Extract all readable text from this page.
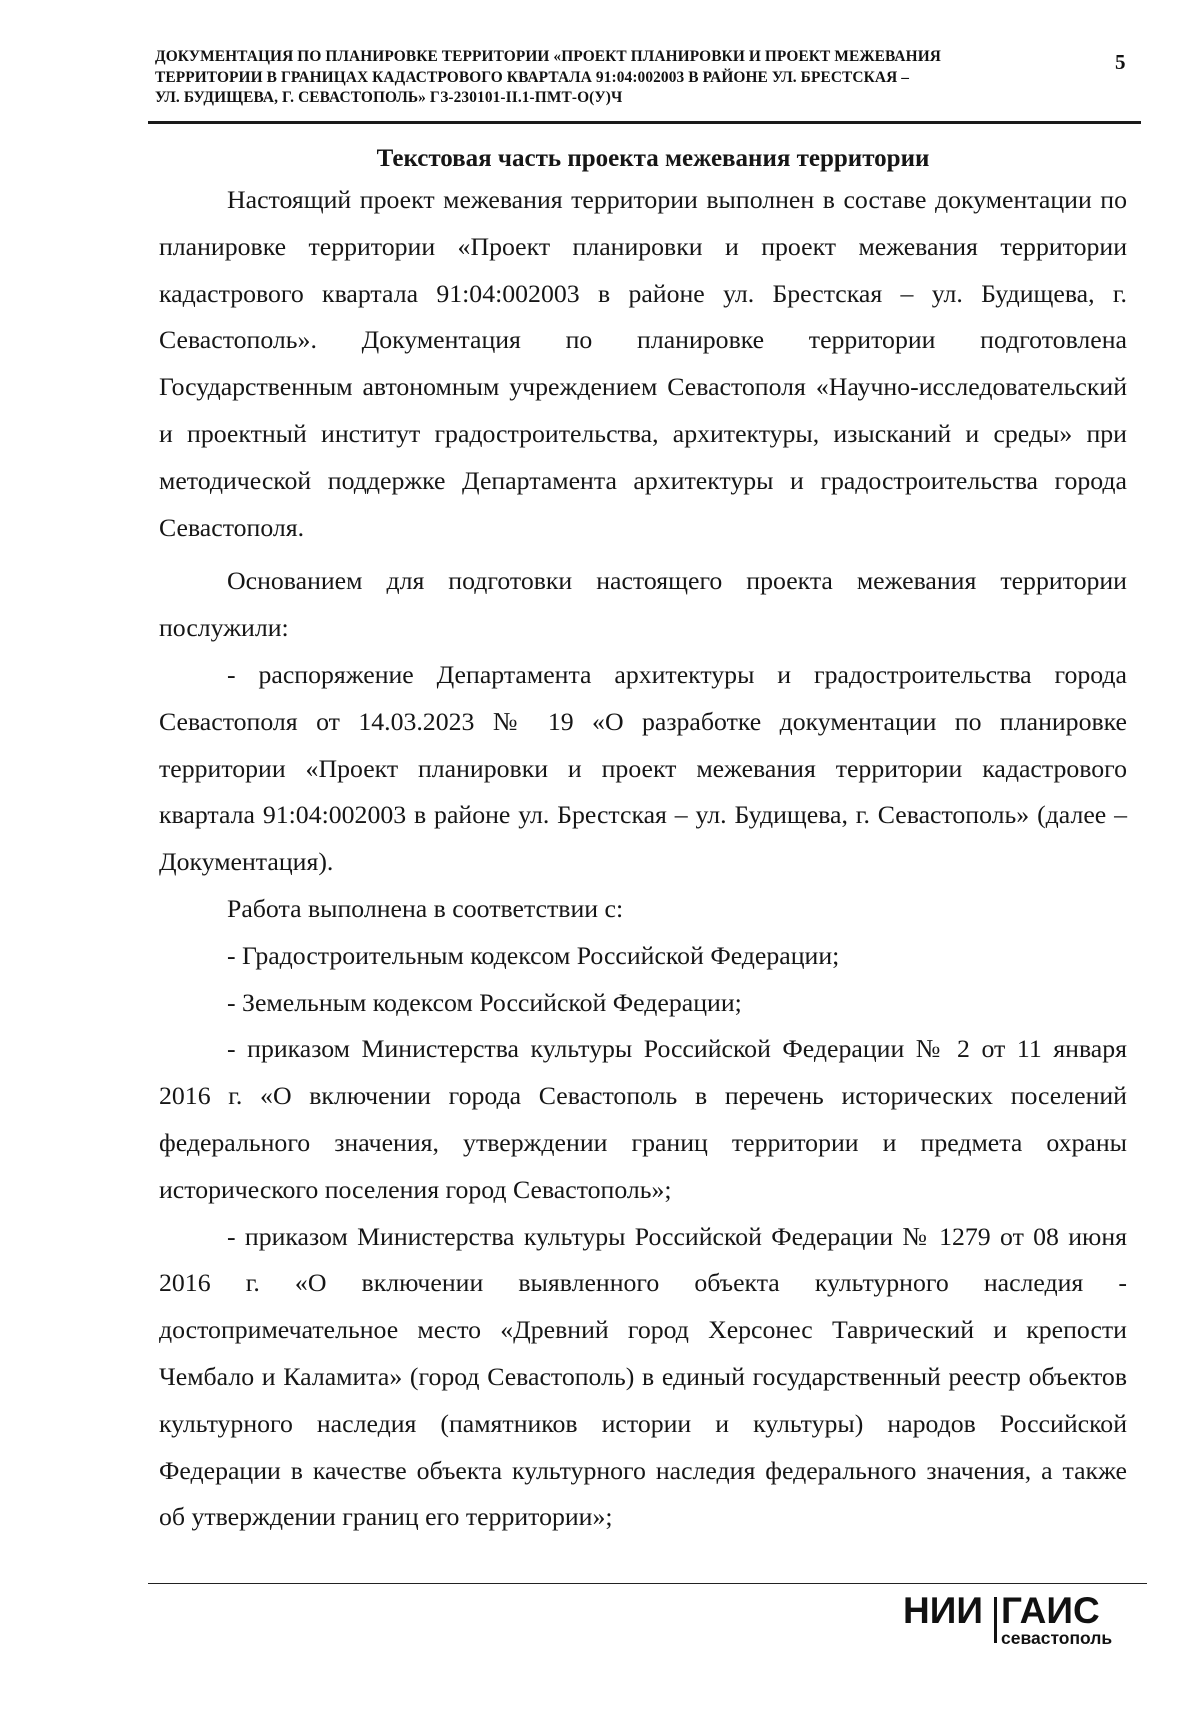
ДОКУМЕНТАЦИЯ ПО ПЛАНИРОВКЕ ТЕРРИТОРИИ «ПРОЕКТ ПЛАНИРОВКИ И ПРОЕКТ МЕЖЕВАНИЯ
ТЕРРИТОРИИ В ГРАНИЦАХ КАДАСТРОВОГО КВАРТАЛА 91:04:002003 В РАЙОНЕ УЛ. БРЕСТСКАЯ –
УЛ. БУДИЩЕВА, Г. СЕВАСТОПОЛЬ» ГЗ-230101-II.1-ПМТ-О(У)Ч
5
Текстовая часть проекта межевания территории

Настоящий проект межевания территории выполнен в составе документации по планировке территории «Проект планировки и проект межевания территории кадастрового квартала 91:04:002003 в районе ул. Брестская – ул. Будищева, г. Севастополь». Документация по планировке территории подготовлена Государственным автономным учреждением Севастополя «Научно-исследовательский и проектный институт градостроительства, архитектуры, изысканий и среды» при методической поддержке Департамента архитектуры и градостроительства города Севастополя.

Основанием для подготовки настоящего проекта межевания территории послужили:

- распоряжение Департамента архитектуры и градостроительства города Севастополя от 14.03.2023 № 19 «О разработке документации по планировке территории «Проект планировки и проект межевания территории кадастрового квартала 91:04:002003 в районе ул. Брестская – ул. Будищева, г. Севастополь» (далее – Документация).

Работа выполнена в соответствии с:

- Градостроительным кодексом Российской Федерации;

- Земельным кодексом Российской Федерации;

- приказом Министерства культуры Российской Федерации № 2 от 11 января 2016 г. «О включении города Севастополь в перечень исторических поселений федерального значения, утверждении границ территории и предмета охраны исторического поселения город Севастополь»;

- приказом Министерства культуры Российской Федерации № 1279 от 08 июня 2016 г. «О включении выявленного объекта культурного наследия - достопримечательное место «Древний город Херсонес Таврический и крепости Чембало и Каламита» (город Севастополь) в единый государственный реестр объектов культурного наследия (памятников истории и культуры) народов Российской Федерации в качестве объекта культурного наследия федерального значения, а также об утверждении границ его территории»;

НИИ ГАИС
севастополь
